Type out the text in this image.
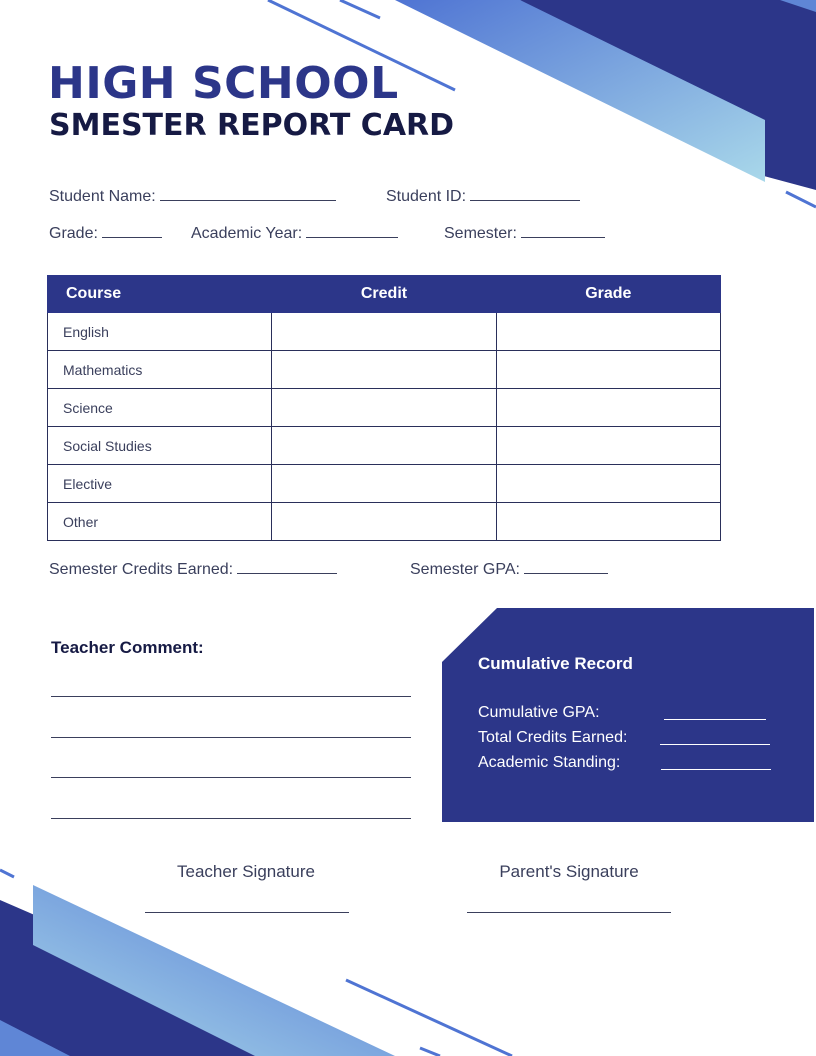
HIGH SCHOOL
SMESTER REPORT CARD
Student Name:	Student ID:
Grade:	Academic Year:	Semester:
Course	Credit	Grade
English		
Mathematics		
Science		
Social Studies		
Elective		
Other		
Semester Credits Earned:	Semester GPA:
Teacher Comment:
Cumulative Record
Cumulative GPA:
Total Credits Earned:
Academic Standing:
Teacher Signature	Parent's Signature
